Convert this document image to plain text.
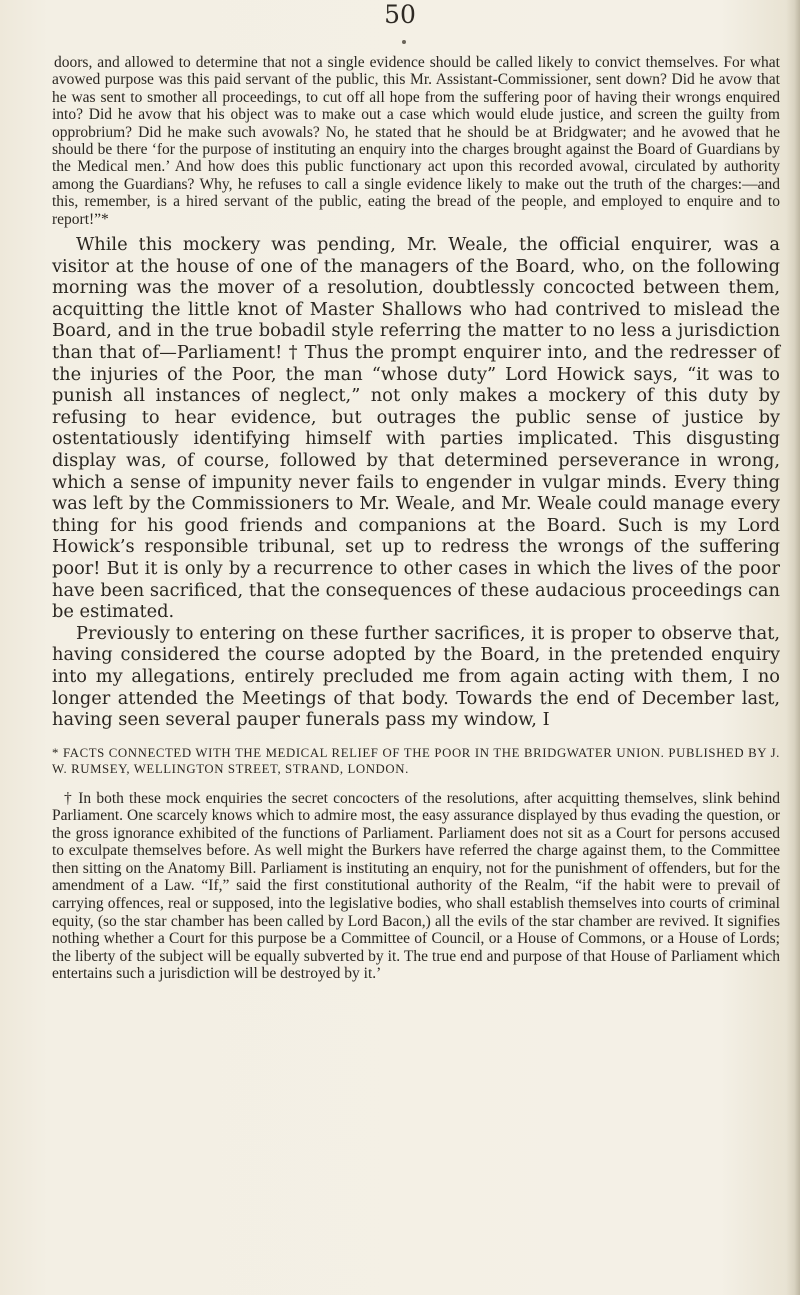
50

doors, and allowed to determine that not a single evidence should be called likely to convict themselves. For what avowed purpose was this paid servant of the public, this Mr. Assistant-Commissioner, sent down? Did he avow that he was sent to smother all proceedings, to cut off all hope from the suffering poor of having their wrongs enquired into? Did he avow that his object was to make out a case which would elude justice, and screen the guilty from opprobrium? Did he make such avowals? No, he stated that he should be at Bridgwater; and he avowed that he should be there ‘for the purpose of instituting an enquiry into the charges brought against the Board of Guardians by the Medical men.’ And how does this public functionary act upon this recorded avowal, circulated by authority among the Guardians? Why, he refuses to call a single evidence likely to make out the truth of the charges:—and this, remember, is a hired servant of the public, eating the bread of the people, and employed to enquire and to report!”*

While this mockery was pending, Mr. Weale, the official enquirer, was a visitor at the house of one of the managers of the Board, who, on the following morning was the mover of a resolution, doubtlessly concocted between them, acquitting the little knot of Master Shallows who had contrived to mislead the Board, and in the true bobadil style referring the matter to no less a jurisdiction than that of—Parliament! † Thus the prompt enquirer into, and the redresser of the injuries of the Poor, the man “whose duty” Lord Howick says, “it was to punish all instances of neglect,” not only makes a mockery of this duty by refusing to hear evidence, but outrages the public sense of justice by ostentatiously identifying himself with parties implicated. This disgusting display was, of course, followed by that determined perseverance in wrong, which a sense of impunity never fails to engender in vulgar minds. Every thing was left by the Commissioners to Mr. Weale, and Mr. Weale could manage every thing for his good friends and companions at the Board. Such is my Lord Howick’s responsible tribunal, set up to redress the wrongs of the suffering poor! But it is only by a recurrence to other cases in which the lives of the poor have been sacrificed, that the consequences of these audacious proceedings can be estimated.

Previously to entering on these further sacrifices, it is proper to observe that, having considered the course adopted by the Board, in the pretended enquiry into my allegations, entirely precluded me from again acting with them, I no longer attended the Meetings of that body. Towards the end of December last, having seen several pauper funerals pass my window, I

* FACTS CONNECTED WITH THE MEDICAL RELIEF OF THE POOR IN THE BRIDGWATER UNION. PUBLISHED BY J. W. RUMSEY, WELLINGTON STREET, STRAND, LONDON.

† In both these mock enquiries the secret concocters of the resolutions, after acquitting themselves, slink behind Parliament. One scarcely knows which to admire most, the easy assurance displayed by thus evading the question, or the gross ignorance exhibited of the functions of Parliament. Parliament does not sit as a Court for persons accused to exculpate themselves before. As well might the Burkers have referred the charge against them, to the Committee then sitting on the Anatomy Bill. Parliament is instituting an enquiry, not for the punishment of offenders, but for the amendment of a Law. “If,” said the first constitutional authority of the Realm, “if the habit were to prevail of carrying offences, real or supposed, into the legislative bodies, who shall establish themselves into courts of criminal equity, (so the star chamber has been called by Lord Bacon,) all the evils of the star chamber are revived. It signifies nothing whether a Court for this purpose be a Committee of Council, or a House of Commons, or a House of Lords; the liberty of the subject will be equally subverted by it. The true end and purpose of that House of Parliament which entertains such a jurisdiction will be destroyed by it.’
